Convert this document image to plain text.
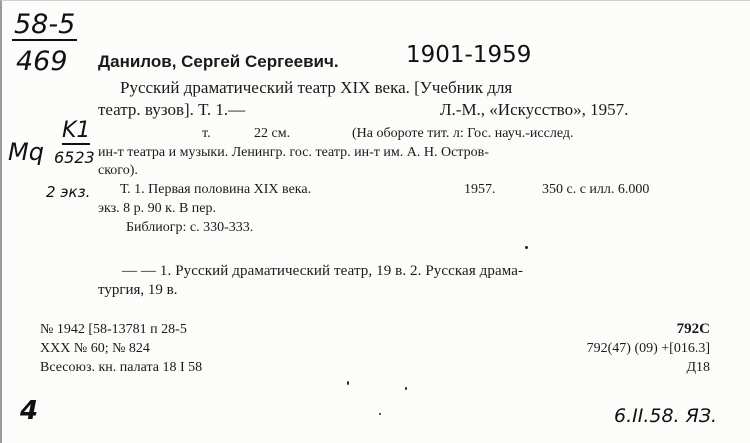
58-5
469 Данилов, Сергей Сергеевич.	1901-1959
Русский драматический театр XIX века. [Учебник для
театр. вузов]. Т. 1.—	Л.-М., «Искусство», 1957.
K1
Mq 6523
т.	22 см.	(На обороте тит. л: Гос. науч.-исслед.
ин-т театра и музыки. Ленингр. гос. театр. ин-т им. А. Н. Остров-
ского).
2 экз. Т. 1. Первая половина XIX века.	1957.	350 с. с илл. 6.000
экз. 8 р. 90 к. В пер.
Библиогр: с. 330-333.
— — 1. Русский драматический театр, 19 в. 2. Русская драма-
тургия, 19 в.
№ 1942 [58-13781 п 28-5
XXX № 60; № 824
Всесоюз. кн. палата 18 I 58
792С
792(47) (09) +[016.3]
Д18
4	6.II.58. ЯЗ.
